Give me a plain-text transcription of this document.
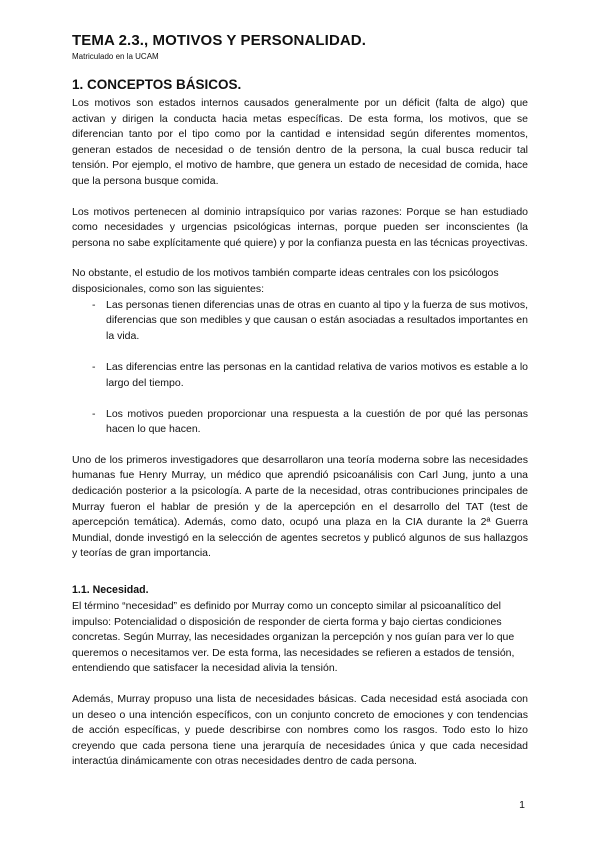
TEMA 2.3., MOTIVOS Y PERSONALIDAD.
Matriculado en la UCAM
1. CONCEPTOS BÁSICOS.

Los motivos son estados internos causados generalmente por un déficit (falta de algo) que activan y dirigen la conducta hacia metas específicas. De esta forma, los motivos, que se diferencian tanto por el tipo como por la cantidad e intensidad según diferentes momentos, generan estados de necesidad o de tensión dentro de la persona, la cual busca reducir tal tensión. Por ejemplo, el motivo de hambre, que genera un estado de necesidad de comida, hace que la persona busque comida.

Los motivos pertenecen al dominio intrapsíquico por varias razones: Porque se han estudiado como necesidades y urgencias psicológicas internas, porque pueden ser inconscientes (la persona no sabe explícitamente qué quiere) y por la confianza puesta en las técnicas proyectivas.

No obstante, el estudio de los motivos también comparte ideas centrales con los psicólogos disposicionales, como son las siguientes:

- Las personas tienen diferencias unas de otras en cuanto al tipo y la fuerza de sus motivos, diferencias que son medibles y que causan o están asociadas a resultados importantes en la vida.
- Las diferencias entre las personas en la cantidad relativa de varios motivos es estable a lo largo del tiempo.
- Los motivos pueden proporcionar una respuesta a la cuestión de por qué las personas hacen lo que hacen.

Uno de los primeros investigadores que desarrollaron una teoría moderna sobre las necesidades humanas fue Henry Murray, un médico que aprendió psicoanálisis con Carl Jung, junto a una dedicación posterior a la psicología. A parte de la necesidad, otras contribuciones principales de Murray fueron el hablar de presión y de la apercepción en el desarrollo del TAT (test de apercepción temática). Además, como dato, ocupó una plaza en la CIA durante la 2ª Guerra Mundial, donde investigó en la selección de agentes secretos y publicó algunos de sus hallazgos y teorías de gran importancia.

1.1. Necesidad.

El término “necesidad” es definido por Murray como un concepto similar al psicoanalítico del impulso: Potencialidad o disposición de responder de cierta forma y bajo ciertas condiciones concretas. Según Murray, las necesidades organizan la percepción y nos guían para ver lo que queremos o necesitamos ver. De esta forma, las necesidades se refieren a estados de tensión, entendiendo que satisfacer la necesidad alivia la tensión.

Además, Murray propuso una lista de necesidades básicas. Cada necesidad está asociada con un deseo o una intención específicos, con un conjunto concreto de emociones y con tendencias de acción específicas, y puede describirse con nombres como los rasgos. Todo esto lo hizo creyendo que cada persona tiene una jerarquía de necesidades única y que cada necesidad interactúa dinámicamente con otras necesidades dentro de cada persona.

1
